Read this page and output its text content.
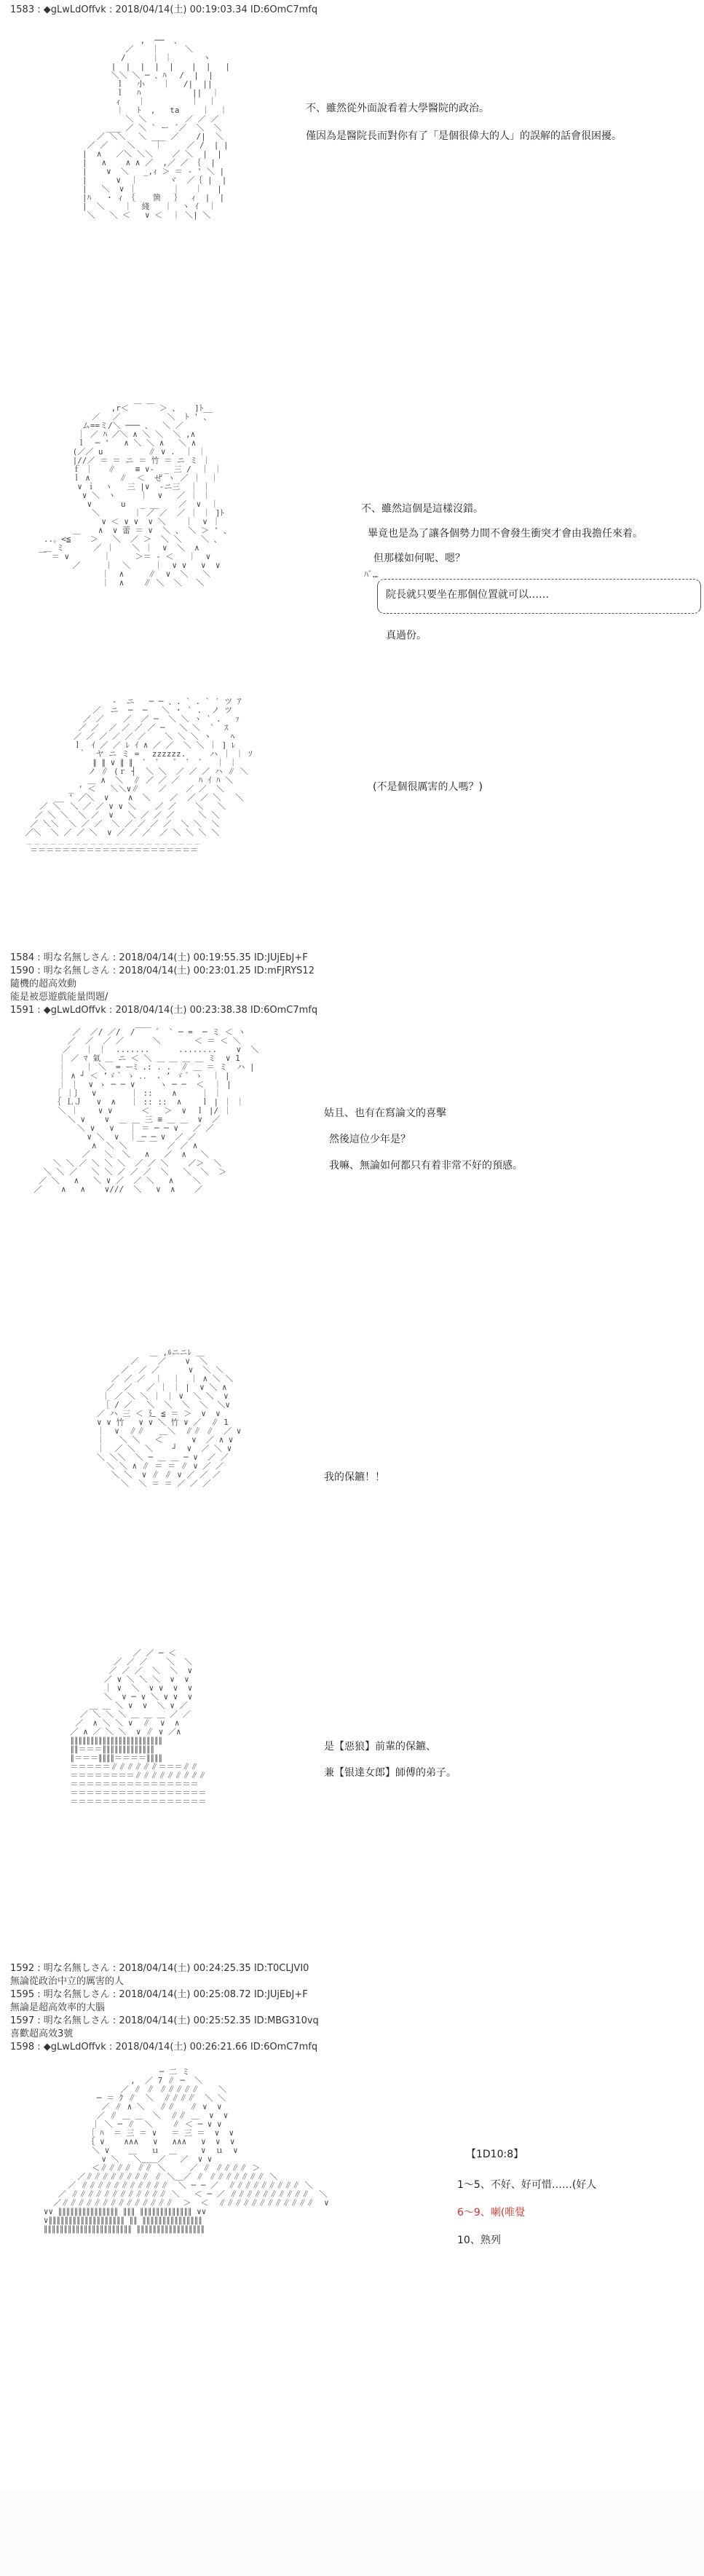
1583 : ◆gLwLdOffvk : 2018/04/14(土) 00:19:03.34 ID:6OmC7mfq
,  ──  、
／ 　 ｜ 　　 ＼
/　　  ｜ ｜　　   ヽ
|  |  |  |  |　  |  |   |
＼＼ ＼ ─ 、ﾊ　 /  |  |
ｌ　 小　  ｜　 /|  ||
ｌ　 ﾊ 　　　 　  ||  ｜
ｨ　  ｜ 　 　    ｜  ｜
｜ 　ﾄ  ,   ta  　 ｜  ｜
＼ ＼        ／ ／ ／
___ ／ ＼ ` ー ´／  ＼  ＼
／ ＼＼　 ＼ ___ ／ 　 /|  ＼
／ ／    ＼    ｜     ／ /  | |
|  ∧   ／＼ ＼＼    ／ ＼  |  |
|   ∧    ∧ ∧ ／  ,／ ／ ｛  |
|    ∨  ＼   _,ｨ ＞ ＝ - ' ＼ |
|      ∨  ｜   　　ヾ  ／｛ |  |
|   ＼  ∨ ｜  　　  ｜   ｜   |
|ﾊ   ・ ｨ ｛ 　 箇　 ｝  ｨ  |  |
|  ＼    ｜  綫   ｜  ヽ ｲ  ｜
＼   ＼ ＜   ∨ ＜  ｜ ＼| ＼

不、雖然從外面說看着大學醫院的政治。
僅因為是醫院長而對你有了「是個很偉大的人」的誤解的話會很困擾。
,r＜ ￣ ￣ ＞ 、   ]ﾄ__
／　 ／　 　 　　 ＼  ﾄ ' 、
ム==ミ/＼ ─── 、  ＼ ／
｜ ／ ﾊ ／＼ ∧ ＼ ＼  ＼ ,∧
ｌ  ─ '   ∧ ＼ ＼ ∧   ＼ ∧
(／／ u  　   　 ∥ ∨ .  ｜ ｜
|//／ ＝ ＝ ニ ＝ 竹 ＝ ニ ミ ｜
ｆ ｜   ∥    ≡ ∨-  _ 三 /  ｜ ｜
ｌ ∧      ∥  ＜  ぜ ヽ ／ ｜  ｜
∨ ｉ  ヽ   三 |∨  ‐ニ三  ｜ ｜
∨ ＼　ヽ     ｜  ∨   ／ ｜ ｜
∨      u   _ __    ／  ∨  ｜
＼       ｜ ／ ／  ／ ｜ ｜ ]ﾄ
∨ ＜ ∨ ∨  ∨ ＼    ｜  ∨ ｜
＿ 　 ∧  ∨ 蕾 ＝ ∨  ＼ 、 ＼ ＞ ' 、
..。<≦    ＞   ＼  ／ ＞  ＼ ＼    ＼ 、
＿ ミ      ／ ｜ 　 ＼ ｜  ∨  ＼  ∧
￣ ＝ ∨       ｜     ＞＝ - ＜   ｜  ∨
／     ｜  ＼     ｜  ∨ ∨   ∨  ∨
｜  ∧     ∥  ∨  ＼   ＼
｜  ∧    ∥ ＼  ＼   ＼

不、雖然這個是這樣沒錯。
畢竟也是為了讓各個勢力間不會發生衝突才會由我擔任來着。
但那樣如何呢、嗯？
ﾊﾞ…
院長就只要坐在那個位置就可以……
真過份。
‐  ニ   ─ ─ 、. ` . ` ′ ツ ｱ
／  ニ  ─  ─   ＼ ・ ` .  ノ ツ
／ ／    ／  ／ ─  ＼ ＼ ヽ ` .   ｧ
／ ／  ／ ／ ／ ／ ─   ＼ ＼  `  ｽ
／ ／ ／ ／ ／ ／    ＼ ＼ ＼ ヽ    ﾍ
ｌ  ｲ ／ ／ ﾚ ｲ ∧ ／ ／  ＼ ＼ ｜ ] ﾚ
｀  ヤ ニ ミ = 　zzzzzz.     ハ ｜ ｜ ｿ
∥ ∥ ∨ ∥ ∥  ゛ ゛  ゛ ゛ ゛  ｜ ｜
ノ ∥ (ｒ ┤  ＼ ＼  ／ ／ ／ ハ ∥ ＼
＿ ∧  ＼  ∥ ／ ／ ／    ﾊ ｲ ﾊ ＼
_ ' ＜   ＼＼∨∥    ／    ／ ／  ＼
__ ' ／＼  ∨    ∧  ＼    ／  ／ ／ ＼   ＼
／ ＼  ＼ ／ ／ ∨ ∨ ＼    ／ ／    ＼   ＼
／ ＼ ＼  ＼ ／  ∨   ＼ ／ ／ ／     ＼ ＼
／ ＼＼  ＼ ／ ／  ＼ ／ ／ ／ ／  ＼ ＼  ＼
／＼  ＼ ／ ／ ＼  ∨ ／ ／ ／  ／ ＼ ＼ ＼ ＼
﹍﹍﹍﹍﹍﹍﹍﹍﹍﹍﹍﹍﹍﹍﹍﹍﹍﹍﹍﹍﹍﹍
＝＝＝＝＝＝＝＝＝＝＝＝＝＝＝＝＝＝＝＝＝

(不是個很厲害的人嗎？)
1584 : 明な名無しさん : 2018/04/14(土) 00:19:55.35 ID:JUjEbJ+F
1590 : 明な名無しさん : 2018/04/14(土) 00:23:01.25 ID:mFJRYS12
隨機的超高效動
能是被惡遊戲能量問題/
1591 : ◆gLwLdOffvk : 2018/04/14(土) 00:23:38.38 ID:6OmC7mfq
／  ／/ ／/  /￣￣ ゛ ` ─ =  ─ ミ ＜ ヽ
／  ／  ／ ／      ＼       ＜ ＝ ＜ ＼
／   ｜ ｜  .......      ........    ∨  ＼
｜ ／ ﾏ 氣 ＿ ニ ＜ ＼ ＿ ＿ ＿ ＿ ミ  ∨ 1
｜    ｜ ＼  = ーﾐ .: . .  ∥ ＿ ＝ ミ  ハ |
｜ ∧ ┘ ＜ ’ゞ ﾟ ゝ ．． . ’ ゞ ﾟ ゝ  ｜ |
｜ ｜  ∨ ゝ ─ ─ ∨     ゝ ─ ─  ＜  ｜ |
［ ｜｝  ∨       ｜ ::    ∧     ｜ ｜
｛ ＬＪ   ∨  ∧   ｜ :: ::  ∧    ｌ | ｜ ｜
＼ ｜    ∨ ∨      ＜   ＞  ∨  ｌ |/ ｜
＼ ∨    ∨  ＿ ＿ 三 ≡ ＿ ＿  ∨  ／
＼ ∨   ∨   ｜ ＝ ─ ─ ∨   ／ ／
∨ ＼  ∨  ｜ ─ ─ ∨  ／ ／
∧  ＼ ＼  ￣ ￣  ／ ／ ∧
／   ＼  ＼   ∧   ／  ∧   ＼
＼ ＼ ／ ＼ ＼ ＼  ／ ／ ＼    ／＞  ＼
＼ ＼ ／   ＼ ＼ ／ ／ ／  ＼   ＼  ＼  ＞
／ ＼   ∧   ＼ ∨ ／  ／ ＼   ∧    ＼
／    ∧   ∧    ∨///  ＼   ∨  ∧    ／

姑且、也有在寫論文的喜擊
然後這位少年是？
我嘛、無論如何都只有着非常不好的預感。
＿ ,ﾙニニﾚ ＿
／    ／    ∨  ＼
／  ／ ／      ∨  ＼ ＼
／ ／ ／  ｜  ｜  ｜ ∧ ＼ ＼
／  ／   ／ ｜ ｜ |  ∨ ＼ ∧
｜ ／ ＼ ＼ ｜ ｜ ∨  ＼ ＼  ∨
［ / ／   ＼  ＼  ＼  ＼  ＼∨
／ ハ 三 ＜ 廴 ≦ ＝ ＞  ∨  ∨
∨ ∨ 竹   ∨ ∨ ＼ 竹 ∨ ／  ∥ 1
｜  ∨  ∥∥   ＿＼  ∥∥ ∥  ／ ∨
｜   ＼ ＼   ＜      ∨  ／ ∧ ∨
｜  ／ ＼  ＼    ┘  ∨  ／ ＼ ∨
＼ ＼＼  ＼ ─ ＿ ＿ ─ ∨  ／ ／
＼ ＼ ∧ ∥ ＝ ＝ ∥ ∨ ／ ／
＼ ＼  ∨ ∥ ∥ ∨ ／ ／ ／
＼  ＼ ＝ ＝ ／ ／ ／

我的保鑣！！
／ ／ ─ ＜
／ ／ ／    ＼  ＼
／ ／ ／  ＼  ＼  ∨
／ ∨ ＼ ＼ ＼  ∨  ∨
｜ ∨  ＼  ∨ ∨  ∨  ∨
＼  ∨ ─ ∨ ＼ ∨ ∨  ∨
＿ ＿ ＼ ∨  ∨  ＼ ∨ ／
／ ＼ ＼ ＼ ＿ ＿ ＿ ／ ／
／  ∧ ＼ ＼ ∨  ∥  ∨  ∧
／ ∧ ／ ＼ ＼  ∨ ∥ ∨ ／∧
∥∥∥∥∥∥∥∥∥∥∥∥∥∥∥∥∥∥∥∥∥∥∥
∥∥＝＝＝∥∥∥∥∥∥∥∥∥∥∥∥∥
∥＝＝＝∥∥∥∥＝＝＝＝∥∥∥∥
＝＝＝＝＝∥∥∥∥∥∥＝＝＝∥∥
＝＝＝＝＝＝＝＝∥∥∥∥∥∥∥∥∥
＝＝＝＝＝＝＝＝＝＝＝＝＝＝＝＝
＝＝＝＝＝＝＝＝＝＝＝＝＝＝＝＝＝
＝＝＝＝＝＝＝＝＝＝＝＝＝＝＝＝＝

是【惡狼】前輩的保鑣、
兼【银達女郎】師傅的弟子。
1592 : 明な名無しさん : 2018/04/14(土) 00:24:25.35 ID:T0CLJVI0
無論從政治中立的厲害的人
1595 : 明な名無しさん : 2018/04/14(土) 00:25:08.72 ID:JUjEbJ+F
無論是超高效率的大腦
1597 : 明な名無しさん : 2018/04/14(土) 00:25:52.35 ID:MBG310vq
喜歡超高效3號
1598 : ◆gLwLdOffvk : 2018/04/14(土) 00:26:21.66 ID:6OmC7mfq
─ 二 ミ
,  ／ 7 ∥ ─  ＼
／ ∥ ∥ ∥∥∥∥∥    ＼
─ ＝ ｸ ∥  ＼  ∥∥∥∥  ＼ ＼
／ ∥ ∧ ＼   ∥∥   ∥ ∨  ∨
／ ∥ ＿ ＿  ＼  ∥∥ ＿  ∨  ∨
｜ ＼ ─ ∥  ＼    ∥ ＜ ─ ∨ ∨
［ ﾊ  ＝ 三 ＝ ∨   ＝ 三 ＝  ∨  ∨
｛ ∨    ∧∧∧   ∨   ∧∧∧   ∨  ∨  ∨
＼ ∨    ＿   ｕ  ＿     ∨  ｕ  ∨
∨ ＼   ＼＿＿／   ／  ∨ ∨
＜∥∥∥∥ ∥∥ ＼     ／ ∥ ∥∥∥∥ ＞
／∥∥∥∥∥∥∥∥ ∥ ＼＿／ ∥ ∥∥∥∥∥∥∥ ＼
／ ∥∥∥∥∥∥∥∥∥∥∥  ＼ ─ ─ ／  ∥∥∥∥∥∥∥∥∥ ＼
／ ∥∥∥∥∥∥∥∥∥∥∥∥ ＼   ＜ ─ ／ ∥∥∥∥∥∥∥∥∥∥  ＼
／∥∥∥∥∥∥∥∥∥∥∥∥∥∥  ＞  ＜  ∥∥∥∥∥∥∥∥∥∥∥∥  ∨
∨∨ ∥∥∥∥∥∥∥∥∥∥∥∥∥∥∥ ∥∥∥ ∥∥∥∥∥∥∥∥∥∥∥∥∥ ∨∨
∨∥∥∥∥∥∥∥∥∥∥∥∥∥∥∥∥∥∥∥ ∥∥ ∥∥∥∥∥∥∥∥∥∥∥∥∥∥∥
∥∥∥∥∥∥∥∥∥∥∥∥∥∥∥∥∥∥∥∥∥∥ ∥∥∥∥∥∥∥∥∥∥∥∥∥∥∥∥∥

【1D10:8】
1～5、不好、好可惜……(好人
6～9、喇(唯覺
10、熟列
